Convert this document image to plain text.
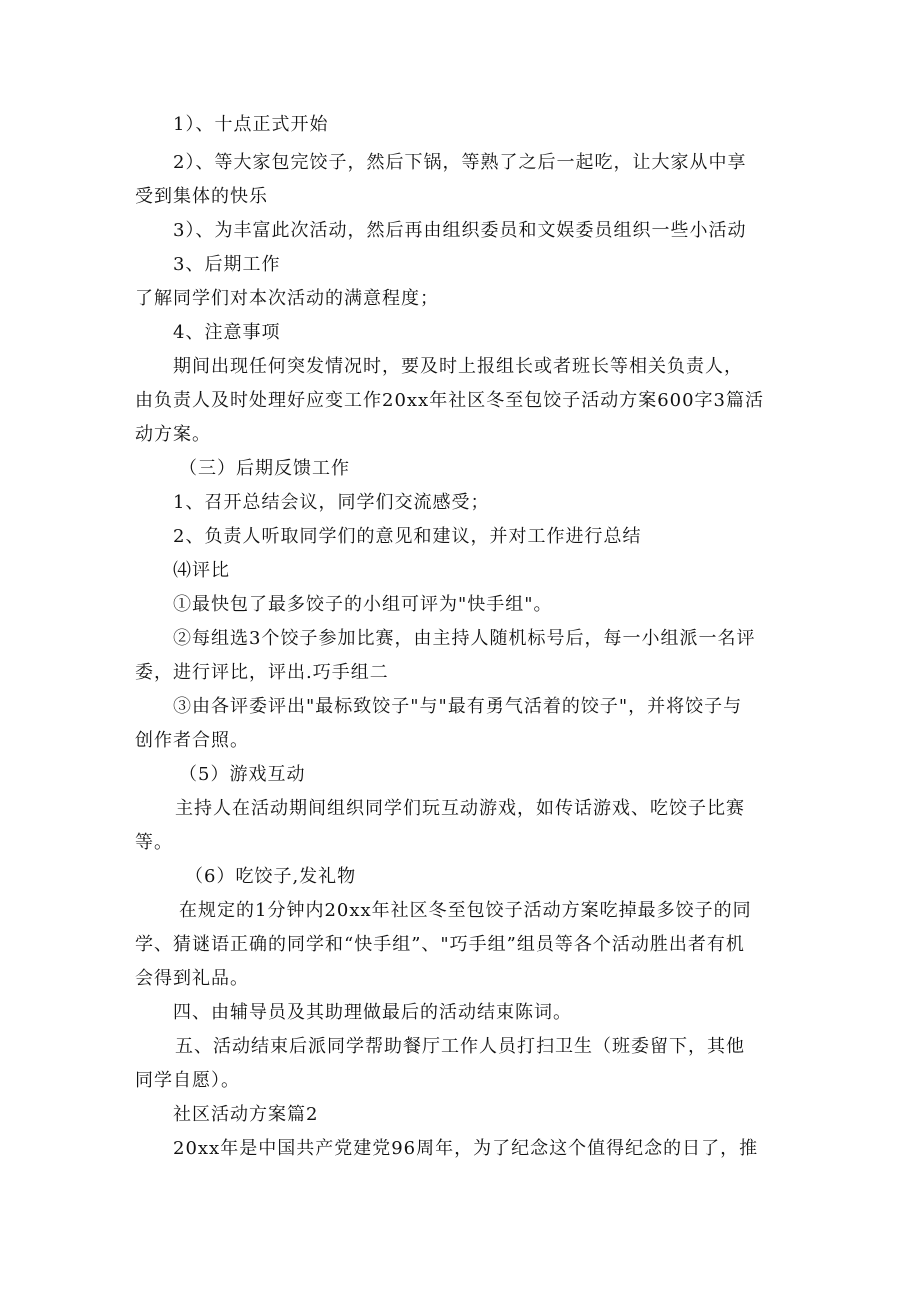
1）、十点正式开始
2）、等大家包完饺子，然后下锅，等熟了之后一起吃，让大家从中享
受到集体的快乐
3）、为丰富此次活动，然后再由组织委员和文娱委员组织一些小活动
3、后期工作
了解同学们对本次活动的满意程度；
4、注意事项
期间出现任何突发情况时，要及时上报组长或者班长等相关负责人，
由负责人及时处理好应变工作20xx年社区冬至包饺子活动方案600字3篇活
动方案。
（三）后期反馈工作
1、召开总结会议，同学们交流感受；
2、负责人听取同学们的意见和建议，并对工作进行总结
⑷评比
①最快包了最多饺子的小组可评为"快手组"。
②每组选3个饺子参加比赛，由主持人随机标号后，每一小组派一名评
委，进行评比，评出.巧手组二
③由各评委评出"最标致饺子"与"最有勇气活着的饺子"，并将饺子与
创作者合照。
（5）游戏互动
主持人在活动期间组织同学们玩互动游戏，如传话游戏、吃饺子比赛
等。
（6）吃饺子,发礼物
在规定的1分钟内20xx年社区冬至包饺子活动方案吃掉最多饺子的同
学、猜谜语正确的同学和“快手组”、"巧手组”组员等各个活动胜出者有机
会得到礼品。
四、由辅导员及其助理做最后的活动结束陈词。
五、活动结束后派同学帮助餐厅工作人员打扫卫生（班委留下，其他
同学自愿）。
社区活动方案篇2
20xx年是中国共产党建党96周年，为了纪念这个值得纪念的日了，推
